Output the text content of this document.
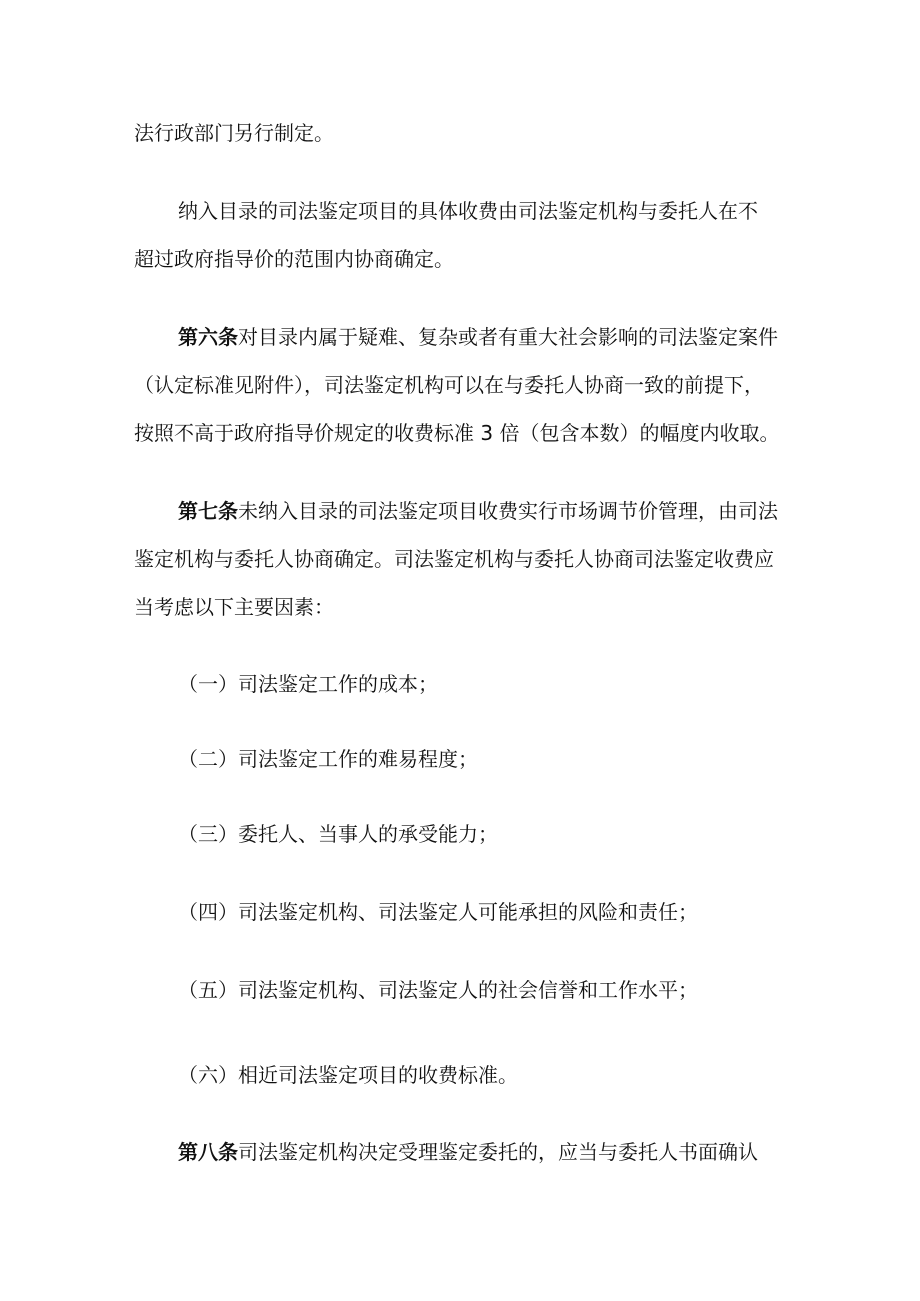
法行政部门另行制定。
纳入目录的司法鉴定项目的具体收费由司法鉴定机构与委托人在不
超过政府指导价的范围内协商确定。
第六条对目录内属于疑难、复杂或者有重大社会影响的司法鉴定案件
（认定标准见附件），司法鉴定机构可以在与委托人协商一致的前提下，
按照不高于政府指导价规定的收费标准 3 倍（包含本数）的幅度内收取。
第七条未纳入目录的司法鉴定项目收费实行市场调节价管理，由司法
鉴定机构与委托人协商确定。司法鉴定机构与委托人协商司法鉴定收费应
当考虑以下主要因素：
（一）司法鉴定工作的成本；
（二）司法鉴定工作的难易程度；
（三）委托人、当事人的承受能力；
（四）司法鉴定机构、司法鉴定人可能承担的风险和责任；
（五）司法鉴定机构、司法鉴定人的社会信誉和工作水平；
（六）相近司法鉴定项目的收费标准。
第八条司法鉴定机构决定受理鉴定委托的，应当与委托人书面确认
